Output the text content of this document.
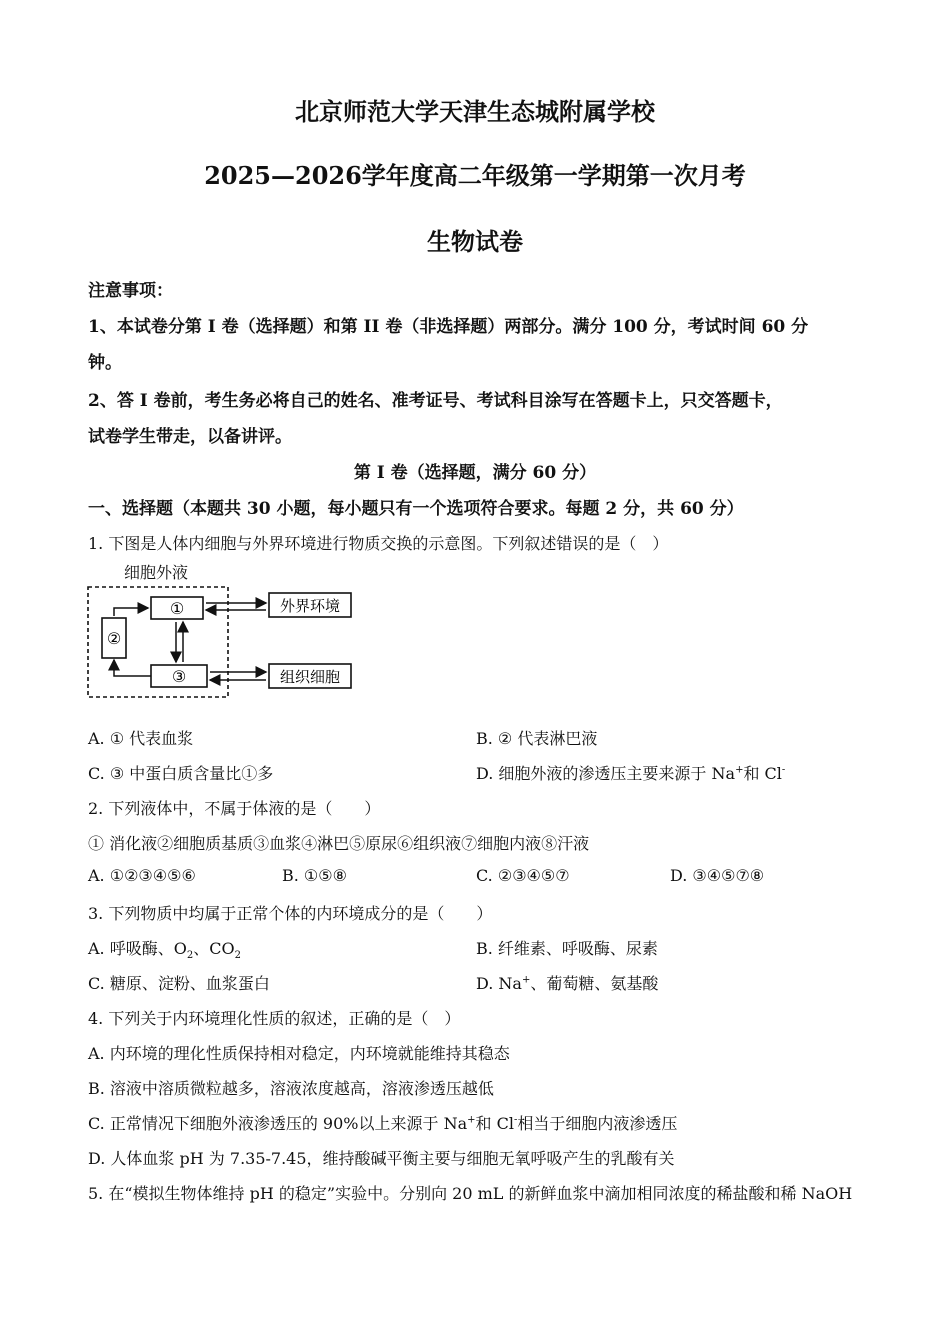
北京师范大学天津生态城附属学校
2025—2026学年度高二年级第一学期第一次月考
生物试卷
注意事项：
1、本试卷分第 I 卷（选择题）和第 II 卷（非选择题）两部分。满分 100 分，考试时间 60 分
钟。
2、答 I 卷前，考生务必将自己的姓名、准考证号、考试科目涂写在答题卡上，只交答题卡，
试卷学生带走，以备讲评。
第 I 卷（选择题，满分 60 分）
一、选择题（本题共 30 小题，每小题只有一个选项符合要求。每题 2 分，共 60 分）
1. 下图是人体内细胞与外界环境进行物质交换的示意图。下列叙述错误的是（　）
细胞外液
①
②
③
外界环境
组织细胞
A. ① 代表血浆	B. ② 代表淋巴液
C. ③ 中蛋白质含量比①多	D. 细胞外液的渗透压主要来源于 Na+和 Cl-
2. 下列液体中，不属于体液的是（　　）
① 消化液②细胞质基质③血浆④淋巴⑤原尿⑥组织液⑦细胞内液⑧汗液
A. ①②③④⑤⑥	B. ①⑤⑧	C. ②③④⑤⑦	D. ③④⑤⑦⑧
3. 下列物质中均属于正常个体的内环境成分的是（　　）
A. 呼吸酶、$O_2$、$CO_2$	B. 纤维素、呼吸酶、尿素
C. 糖原、淀粉、血浆蛋白	D. Na+、葡萄糖、氨基酸
4. 下列关于内环境理化性质的叙述，正确的是（　）
A. 内环境的理化性质保持相对稳定，内环境就能维持其稳态
B. 溶液中溶质微粒越多，溶液浓度越高，溶液渗透压越低
C. 正常情况下细胞外液渗透压的 90%以上来源于 Na+和 Cl-相当于细胞内液渗透压
D. 人体血浆 pH 为 7.35-7.45，维持酸碱平衡主要与细胞无氧呼吸产生的乳酸有关
5. 在“模拟生物体维持 pH 的稳定”实验中。分别向 20 mL 的新鲜血浆中滴加相同浓度的稀盐酸和稀 NaOH
